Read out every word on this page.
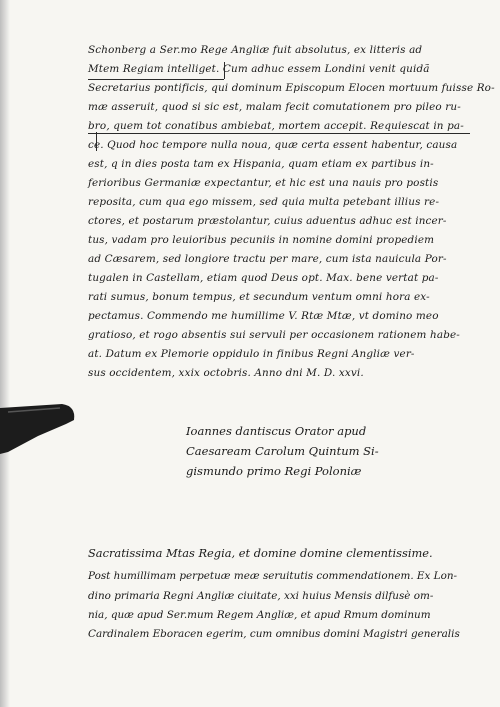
Schonberg a Ser.mo Rege Angliæ fuit absolutus, ex litteris ad
Mtem Regiam intelliget. Cum adhuc essem Londini venit quidã
Secretarius pontificis, qui dominum Episcopum Elocen mortuum fuisse Ro-
mæ asseruit, quod si sic est, malam fecit comutationem pro pileo ru-
bro, quem tot conatibus ambiebat, mortem accepit. Requiescat in pa-
ce. Quod hoc tempore nulla noua, quæ certa essent habentur, causa
est, q in dies posta tam ex Hispania, quam etiam ex partibus in-
ferioribus Germaniæ expectantur, et hic est una nauis pro postis
reposita, cum qua ego missem, sed quia multa petebant illius re-
ctores, et postarum præstolantur, cuius aduentus adhuc est incer-
tus, vadam pro leuioribus pecuniis in nomine domini propediem
ad Cæsarem, sed longiore tractu per mare, cum ista nauicula Por-
tugalen in Castellam, etiam quod Deus opt. Max. bene vertat pa-
rati sumus, bonum tempus, et secundum ventum omni hora ex-
pectamus. Commendo me humillime V. Rtæ Mtæ, vt domino meo
gratioso, et rogo absentis sui servuli per occasionem rationem habe-
at. Datum ex Plemorie oppidulo in finibus Regni Angliæ ver-
sus occidentem, xxix octobris. Anno dni M. D. xxvi.
Ioannes dantiscus Orator apud
Caesaream Carolum Quintum Si-
gismundo primo Regi Poloniæ
Sacratissima Mtas Regia, et domine domine clementissime.
Post humillimam perpetuæ meæ seruitutis commendationem. Ex Lon-
dino primaria Regni Angliæ ciuitate, xxi huius Mensis dilfusè om-
nia, quæ apud Ser.mum Regem Angliæ, et apud Rmum dominum
Cardinalem Eboracen egerim, cum omnibus domini Magistri generalis
